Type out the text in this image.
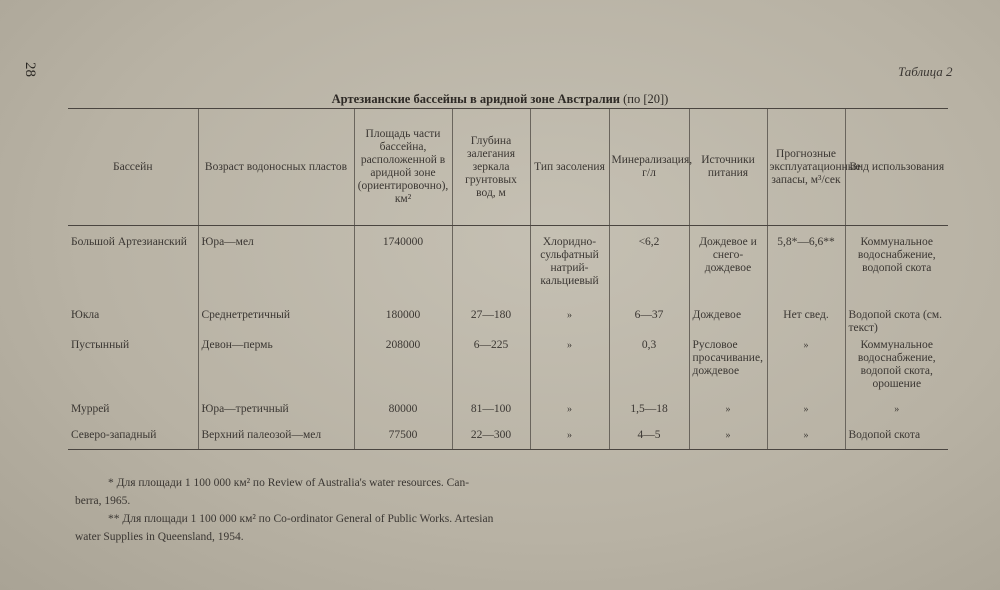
28	Таблица 2
Артезианские бассейны в аридной зоне Австралии (по [20])
Бассейн	Возраст водоносных пластов	Площадь части бассейна, расположенной в аридной зоне (ориентировочно), км²	Глубина залегания зеркала грунтовых вод, м	Тип засоления	Минерализация, г/л	Источники питания	Прогнозные эксплуатационные запасы, м³/сек	Вид использования
Большой Артезианский	Юра—мел	1740000		Хлоридно-сульфатный натрий-кальциевый	<6,2	Дождевое и снего-дождевое	5,8*—6,6**	Коммунальное водоснабжение, водопой скота
Юкла	Среднетретичный	180000	27—180	»	6—37	Дождевое	Нет свед.	Водопой скота (см. текст)
Пустынный	Девон—пермь	208000	6—225	»	0,3	Русловое просачивание, дождевое	»	Коммунальное водоснабжение, водопой скота, орошение
Муррей	Юра—третичный	80000	81—100	»	1,5—18	»	»	»
Северо-западный	Верхний палеозой—мел	77500	22—300	»	4—5	»	»	Водопой скота

* Для площади 1 100 000 км² по Review of Australia's water resources. Can-

berra, 1965.

** Для площади 1 100 000 км² по Co-ordinator General of Public Works. Artesian

water Supplies in Queensland, 1954.
